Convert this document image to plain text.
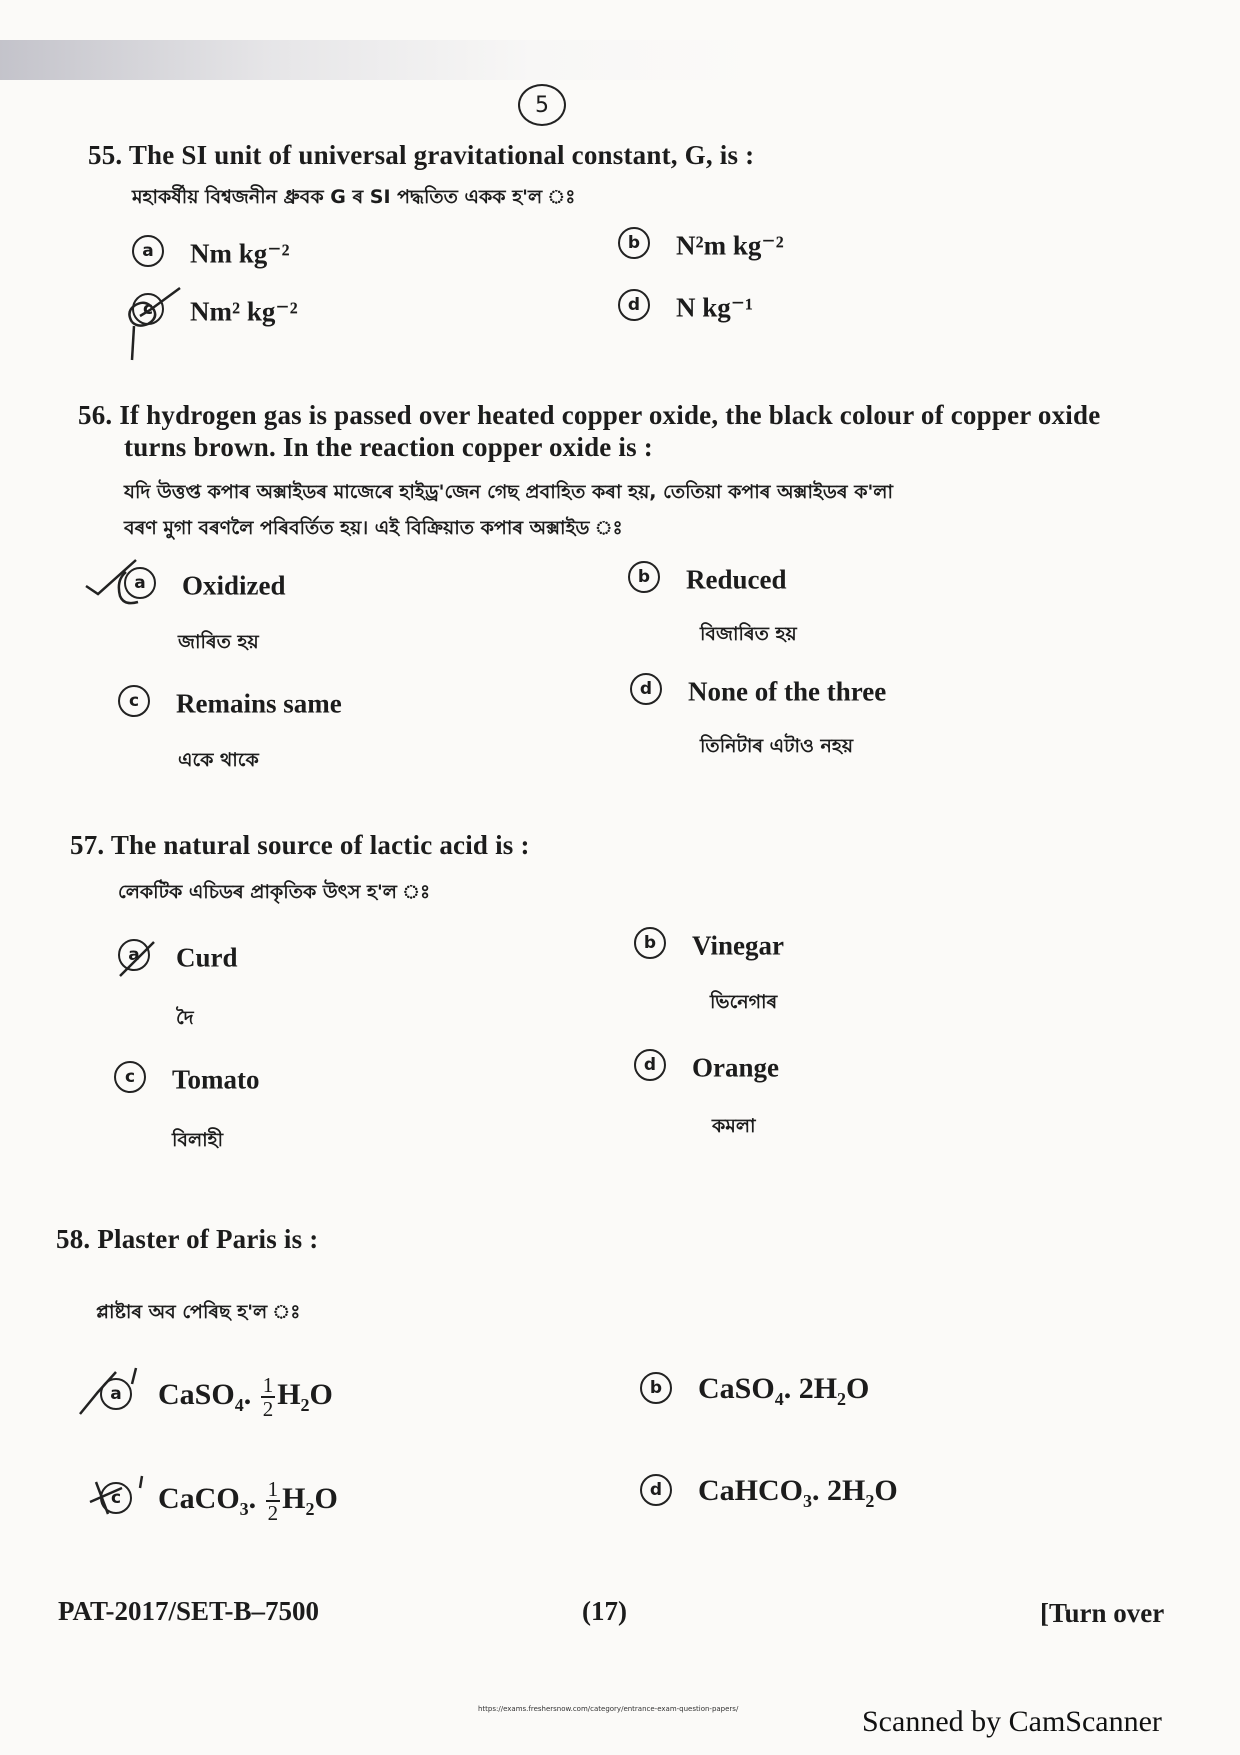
5
55. The SI unit of universal gravitational constant, G, is :
মহাকৰ্ষীয় বিশ্বজনীন ধ্ৰুবক G ৰ SI পদ্ধতিত একক হ'ল ঃ
a Nm kg⁻²	b N²m kg⁻²
c Nm² kg⁻²	d N kg⁻¹
56. If hydrogen gas is passed over heated copper oxide, the black colour of copper oxide
turns brown. In the reaction copper oxide is :
যদি উত্তপ্ত কপাৰ অক্সাইডৰ মাজেৰে হাইড্ৰ'জেন গেছ প্ৰবাহিত কৰা হয়, তেতিয়া কপাৰ অক্সাইডৰ ক'লা
বৰণ মুগা বৰণলৈ পৰিবৰ্তিত হয়। এই বিক্ৰিয়াত কপাৰ অক্সাইড ঃ
a Oxidized
জাৰিত হয়
b Reduced
বিজাৰিত হয়
c Remains same
একে থাকে
d None of the three
তিনিটাৰ এটাও নহয়
57. The natural source of lactic acid is :
লেকটিক এচিডৰ প্ৰাকৃতিক উৎস হ'ল ঃ
a Curd
দৈ
b Vinegar
ভিনেগাৰ
c Tomato
বিলাহী
d Orange
কমলা
58. Plaster of Paris is :
প্লাষ্টাৰ অব পেৰিছ হ'ল ঃ
a CaSO$_4$. $\frac{1}{2} H_2O$	b CaSO$_4$. $2H_2O$
c CaCO$_3$. $\frac{1}{2} H_2O$	d CaHCO$_3$. $2H_2O$
PAT-2017/SET-B–7500	(17)	[Turn over
https://exams.freshersnow.com/category/entrance-exam-question-papers/	Scanned by CamScanner
